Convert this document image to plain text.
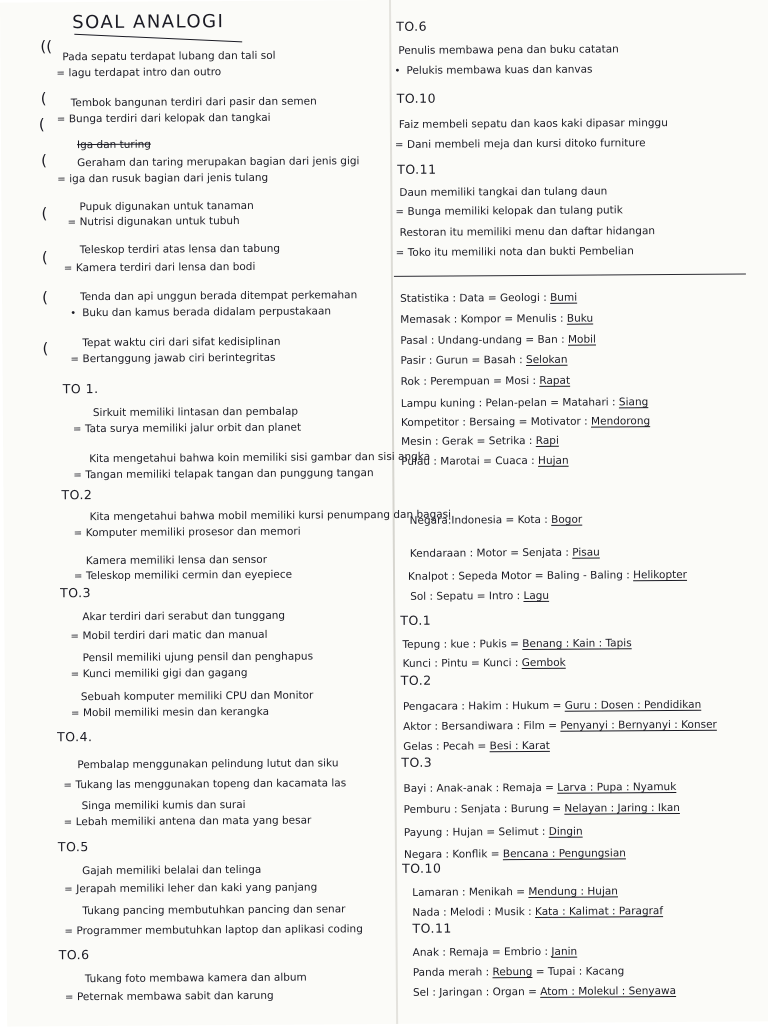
SOAL ANALOGI
((
(
(
(
(
(
(
(
Pada sepatu terdapat lubang dan tali sol
= lagu terdapat intro dan outro
Tembok bangunan terdiri dari pasir dan semen
= Bunga terdiri dari kelopak dan tangkai
Iga dan turing
Geraham dan taring merupakan bagian dari jenis gigi
= iga dan rusuk bagian dari jenis tulang
Pupuk digunakan untuk tanaman
= Nutrisi digunakan untuk tubuh
Teleskop terdiri atas lensa dan tabung
= Kamera terdiri dari lensa dan bodi
Tenda dan api unggun berada ditempat perkemahan
• Buku dan kamus berada didalam perpustakaan
Tepat waktu ciri dari sifat kedisiplinan
= Bertanggung jawab ciri berintegritas
TO 1.
Sirkuit memiliki lintasan dan pembalap
= Tata surya memiliki jalur orbit dan planet
Kita mengetahui bahwa koin memiliki sisi gambar dan sisi angka
= Tangan memiliki telapak tangan dan punggung tangan
TO.2
Kita mengetahui bahwa mobil memiliki kursi penumpang dan bagasi
= Komputer memiliki prosesor dan memori
Kamera memiliki lensa dan sensor
= Teleskop memiliki cermin dan eyepiece
TO.3
Akar terdiri dari serabut dan tunggang
= Mobil terdiri dari matic dan manual
Pensil memiliki ujung pensil dan penghapus
= Kunci memiliki gigi dan gagang
Sebuah komputer memiliki CPU dan Monitor
= Mobil memiliki mesin dan kerangka
TO.4.
Pembalap menggunakan pelindung lutut dan siku
= Tukang las menggunakan topeng dan kacamata las
Singa memiliki kumis dan surai
= Lebah memiliki antena dan mata yang besar
TO.5
Gajah memiliki belalai dan telinga
= Jerapah memiliki leher dan kaki yang panjang
Tukang pancing membutuhkan pancing dan senar
= Programmer membutuhkan laptop dan aplikasi coding
TO.6
Tukang foto membawa kamera dan album
= Peternak membawa sabit dan karung
TO.6
Penulis membawa pena dan buku catatan
• Pelukis membawa kuas dan kanvas
TO.10
Faiz membeli sepatu dan kaos kaki dipasar minggu
= Dani membeli meja dan kursi ditoko furniture
TO.11
Daun memiliki tangkai dan tulang daun
= Bunga memiliki kelopak dan tulang putik
Restoran itu memiliki menu dan daftar hidangan
= Toko itu memiliki nota dan bukti Pembelian
Statistika : Data = Geologi : Bumi
Memasak : Kompor = Menulis : Buku
Pasal : Undang-undang = Ban : Mobil
Pasir : Gurun = Basah : Selokan
Rok : Perempuan = Mosi : Rapat
Lampu kuning : Pelan-pelan = Matahari : Siang
Kompetitor : Bersaing = Motivator : Mendorong
Mesin : Gerak = Setrika : Rapi
Pulau : Marotai = Cuaca : Hujan
Negara:Indonesia = Kota : Bogor
Kendaraan : Motor = Senjata : Pisau
Knalpot : Sepeda Motor = Baling - Baling : Helikopter
Sol : Sepatu = Intro : Lagu
TO.1
Tepung : kue : Pukis = Benang : Kain : Tapis
Kunci : Pintu = Kunci : Gembok
TO.2
Pengacara : Hakim : Hukum = Guru : Dosen : Pendidikan
Aktor : Bersandiwara : Film = Penyanyi : Bernyanyi : Konser
Gelas : Pecah = Besi : Karat
TO.3
Bayi : Anak-anak : Remaja = Larva : Pupa : Nyamuk
Pemburu : Senjata : Burung = Nelayan : Jaring : Ikan
Payung : Hujan = Selimut : Dingin
Negara : Konflik = Bencana : Pengungsian
TO.10
Lamaran : Menikah = Mendung : Hujan
Nada : Melodi : Musik : Kata : Kalimat : Paragraf
TO.11
Anak : Remaja = Embrio : Janin
Panda merah : Rebung = Tupai : Kacang
Sel : Jaringan : Organ = Atom : Molekul : Senyawa
